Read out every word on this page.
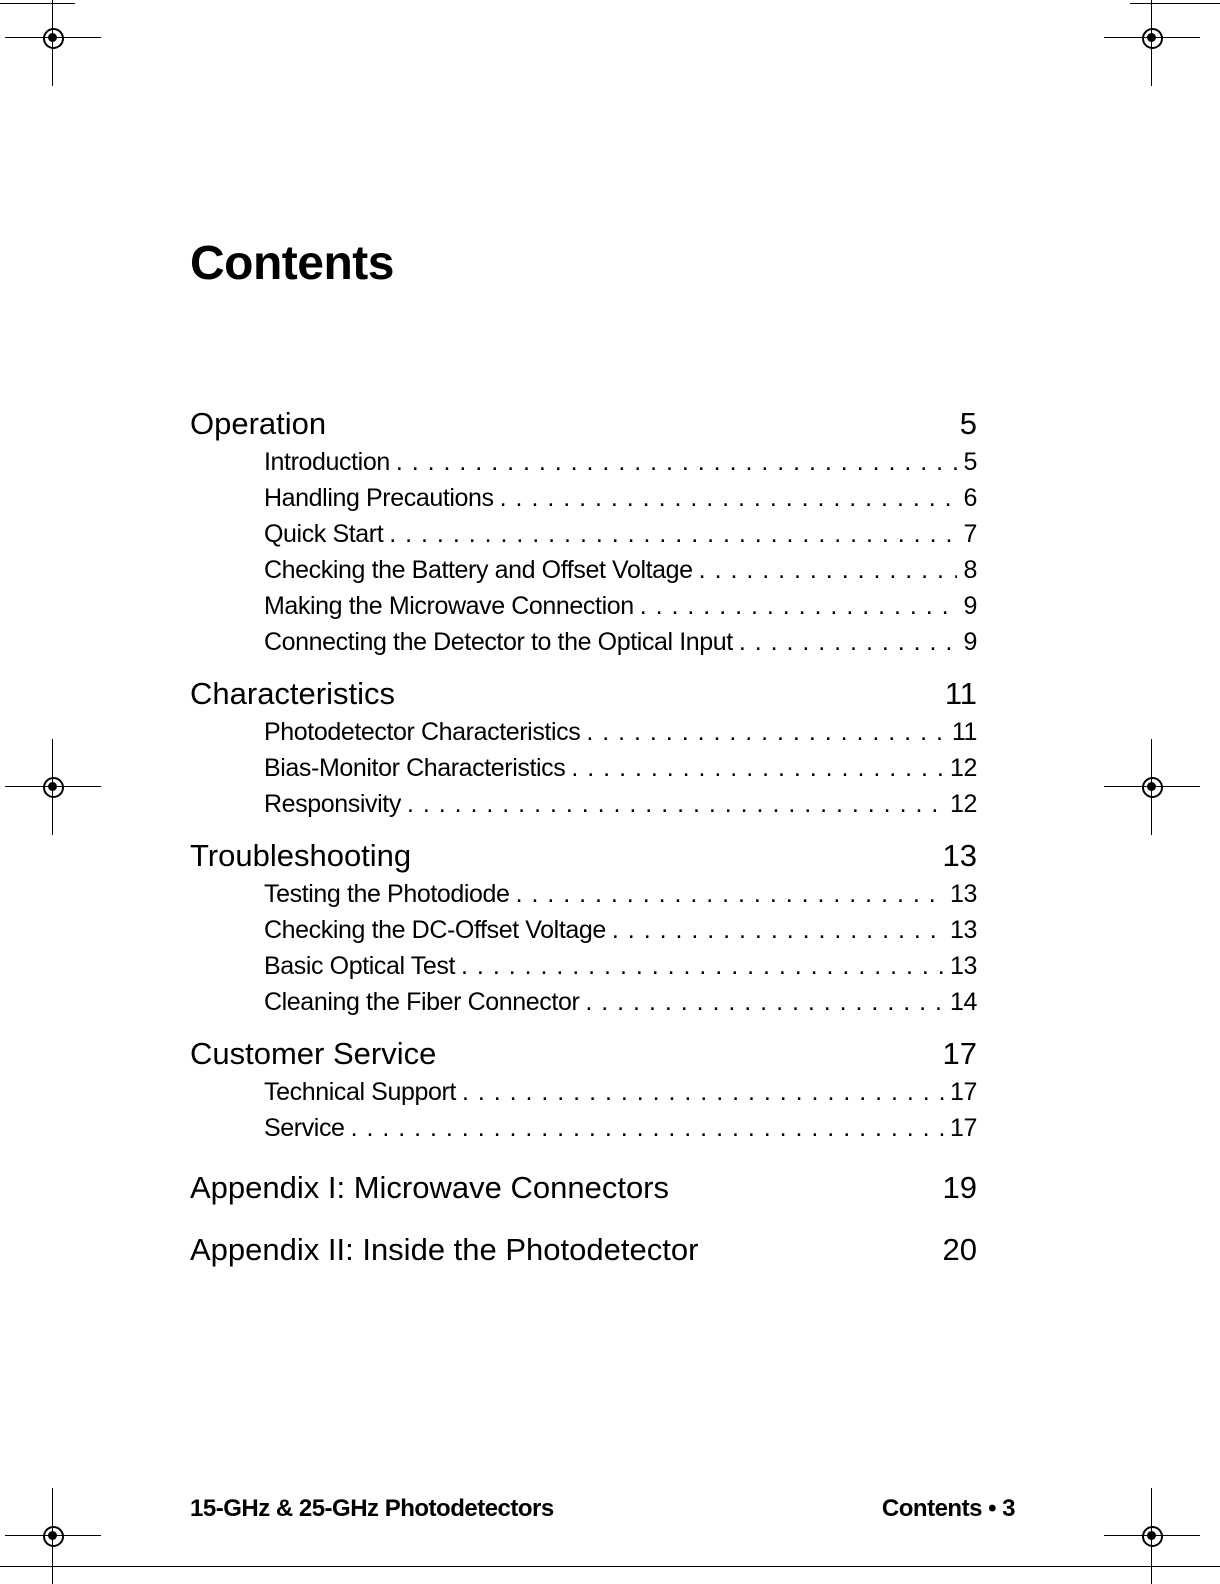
Contents
Operation	5
Introduction . . .	5
Handling Precautions . . .	6
Quick Start . . .	7
Checking the Battery and Offset Voltage . . .	8
Making the Microwave Connection . . .	9
Connecting the Detector to the Optical Input . . .	9
Characteristics	11
Photodetector Characteristics . . .	11
Bias-Monitor Characteristics . . .	12
Responsivity . . .	12
Troubleshooting	13
Testing the Photodiode . . .	13
Checking the DC-Offset Voltage . . .	13
Basic Optical Test . . .	13
Cleaning the Fiber Connector . . .	14
Customer Service	17
Technical Support . . .	17
Service . . .	17
Appendix I: Microwave Connectors	19
Appendix II: Inside the Photodetector	20
15-GHz & 25-GHz Photodetectors	Contents • 3
